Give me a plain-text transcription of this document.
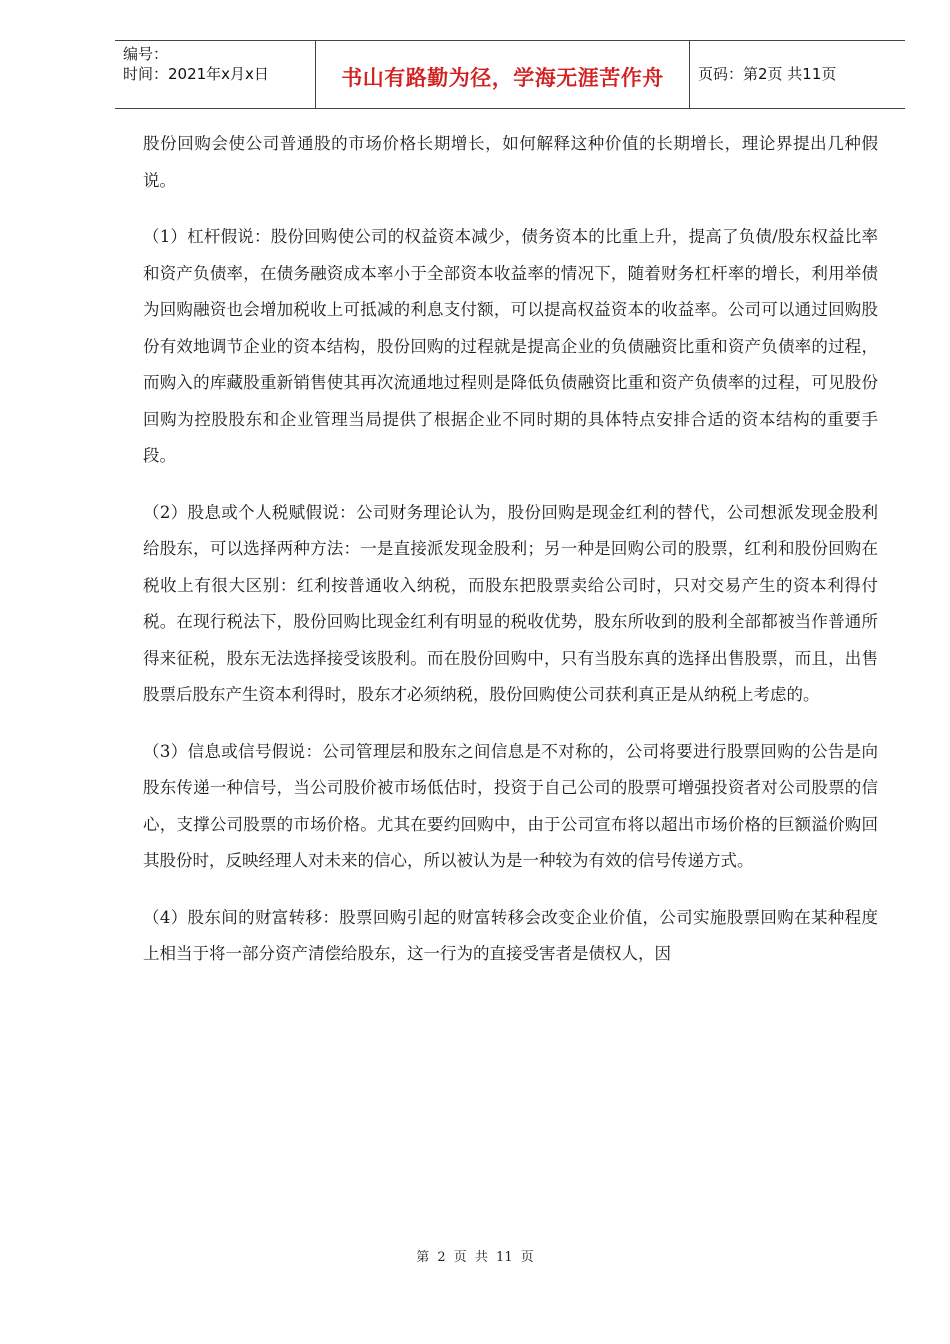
编号：
时间：2021年x月x日	书山有路勤为径，学海无涯苦作舟	页码：第2页 共11页

股份回购会使公司普通股的市场价格长期增长，如何解释这种价值的长期增长，理论界提出几种假说。

（1）杠杆假说：股份回购使公司的权益资本减少，债务资本的比重上升，提高了负债/股东权益比率和资产负债率，在债务融资成本率小于全部资本收益率的情况下，随着财务杠杆率的增长，利用举债为回购融资也会增加税收上可抵减的利息支付额，可以提高权益资本的收益率。公司可以通过回购股份有效地调节企业的资本结构，股份回购的过程就是提高企业的负债融资比重和资产负债率的过程，而购入的库藏股重新销售使其再次流通地过程则是降低负债融资比重和资产负债率的过程，可见股份回购为控股股东和企业管理当局提供了根据企业不同时期的具体特点安排合适的资本结构的重要手段。

（2）股息或个人税赋假说：公司财务理论认为，股份回购是现金红利的替代，公司想派发现金股利给股东，可以选择两种方法：一是直接派发现金股利；另一种是回购公司的股票，红利和股份回购在税收上有很大区别：红利按普通收入纳税，而股东把股票卖给公司时，只对交易产生的资本利得付税。在现行税法下，股份回购比现金红利有明显的税收优势，股东所收到的股利全部都被当作普通所得来征税，股东无法选择接受该股利。而在股份回购中，只有当股东真的选择出售股票，而且，出售股票后股东产生资本利得时，股东才必须纳税，股份回购使公司获利真正是从纳税上考虑的。

（3）信息或信号假说：公司管理层和股东之间信息是不对称的，公司将要进行股票回购的公告是向股东传递一种信号，当公司股价被市场低估时，投资于自己公司的股票可增强投资者对公司股票的信心，支撑公司股票的市场价格。尤其在要约回购中，由于公司宣布将以超出市场价格的巨额溢价购回其股份时，反映经理人对未来的信心，所以被认为是一种较为有效的信号传递方式。

（4）股东间的财富转移：股票回购引起的财富转移会改变企业价值，公司实施股票回购在某种程度上相当于将一部分资产清偿给股东，这一行为的直接受害者是债权人，因

第 2 页 共 11 页
